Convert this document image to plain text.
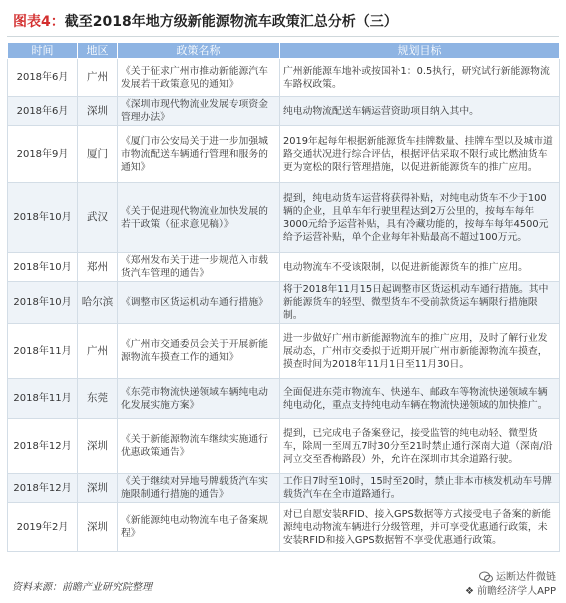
图表4：截至2018年地方级新能源物流车政策汇总分析（三）
时间	地区	政策名称	规划目标
2018年6月	广州	《关于征求广州市推动新能源汽车发展若干政策意见的通知》	广州新能源车地补或按国补1：0.5执行，研究试行新能源物流车路权政策。
2018年6月	深圳	《深圳市现代物流业发展专项资金管理办法》	纯电动物流配送车辆运营资助项目纳入其中。
2018年9月	厦门	《厦门市公安局关于进一步加强城市物流配送车辆通行管理和服务的通知》	2019年起每年根据新能源货车挂牌数量、挂牌车型以及城市道路交通状况进行综合评估，根据评估采取不限行或比燃油货车更为宽松的限行管理措施，以促进新能源货车的推广应用。
2018年10月	武汉	《关于促进现代物流业加快发展的若干政策（征求意见稿）》	提到，纯电动货车运营将获得补贴，对纯电动货车不少于100辆的企业，且单车年行驶里程达到2万公里的，按每车每年3000元给予运营补贴，具有冷藏功能的，按每车每年4500元给予运营补贴，单个企业每年补贴最高不超过100万元。
2018年10月	郑州	《郑州发布关于进一步规范入市载货汽车管理的通告》	电动物流车不受该限制，以促进新能源货车的推广应用。
2018年10月	哈尔滨	《调整市区货运机动车通行措施》	将于2018年11月15日起调整市区货运机动车通行措施。其中新能源货车的轻型、微型货车不受前款货运车辆限行措施限制。
2018年11月	广州	《广州市交通委员会关于开展新能源物流车摸查工作的通知》	进一步做好广州市新能源物流车的推广应用，及时了解行业发展动态，广州市交委拟于近期开展广州市新能源物流车摸查，摸查时间为2018年11月1日至11月30日。
2018年11月	东莞	《东莞市物流快递领域车辆纯电动化发展实施方案》	全面促进东莞市物流车、快递车、邮政车等物流快递领域车辆纯电动化，重点支持纯电动车辆在物流快递领域的加快推广。
2018年12月	深圳	《关于新能源物流车继续实施通行优惠政策通告》	提到，已完成电子备案登记，接受监管的纯电动轻、微型货车，除周一至周五7时30分至21时禁止通行深南大道（深南/沿河立交至香梅路段）外，允许在深圳市其余道路行驶。
2018年12月	深圳	《关于继续对异地号牌载货汽车实施限制通行措施的通告》	工作日7时至10时，15时至20时，禁止非本市核发机动车号牌载货汽车在全市道路通行。
2019年2月	深圳	《新能源纯电动物流车电子备案规程》	对已自愿安装RFID、接入GPS数据等方式接受电子备案的新能源纯电动物流车辆进行分级管理，并可享受优惠通行政策，未安装RFID和接入GPS数据暂不享受优惠通行政策。
资料来源：前瞻产业研究院整理
运断达件微链
❖ 前瞻经济学人APP
